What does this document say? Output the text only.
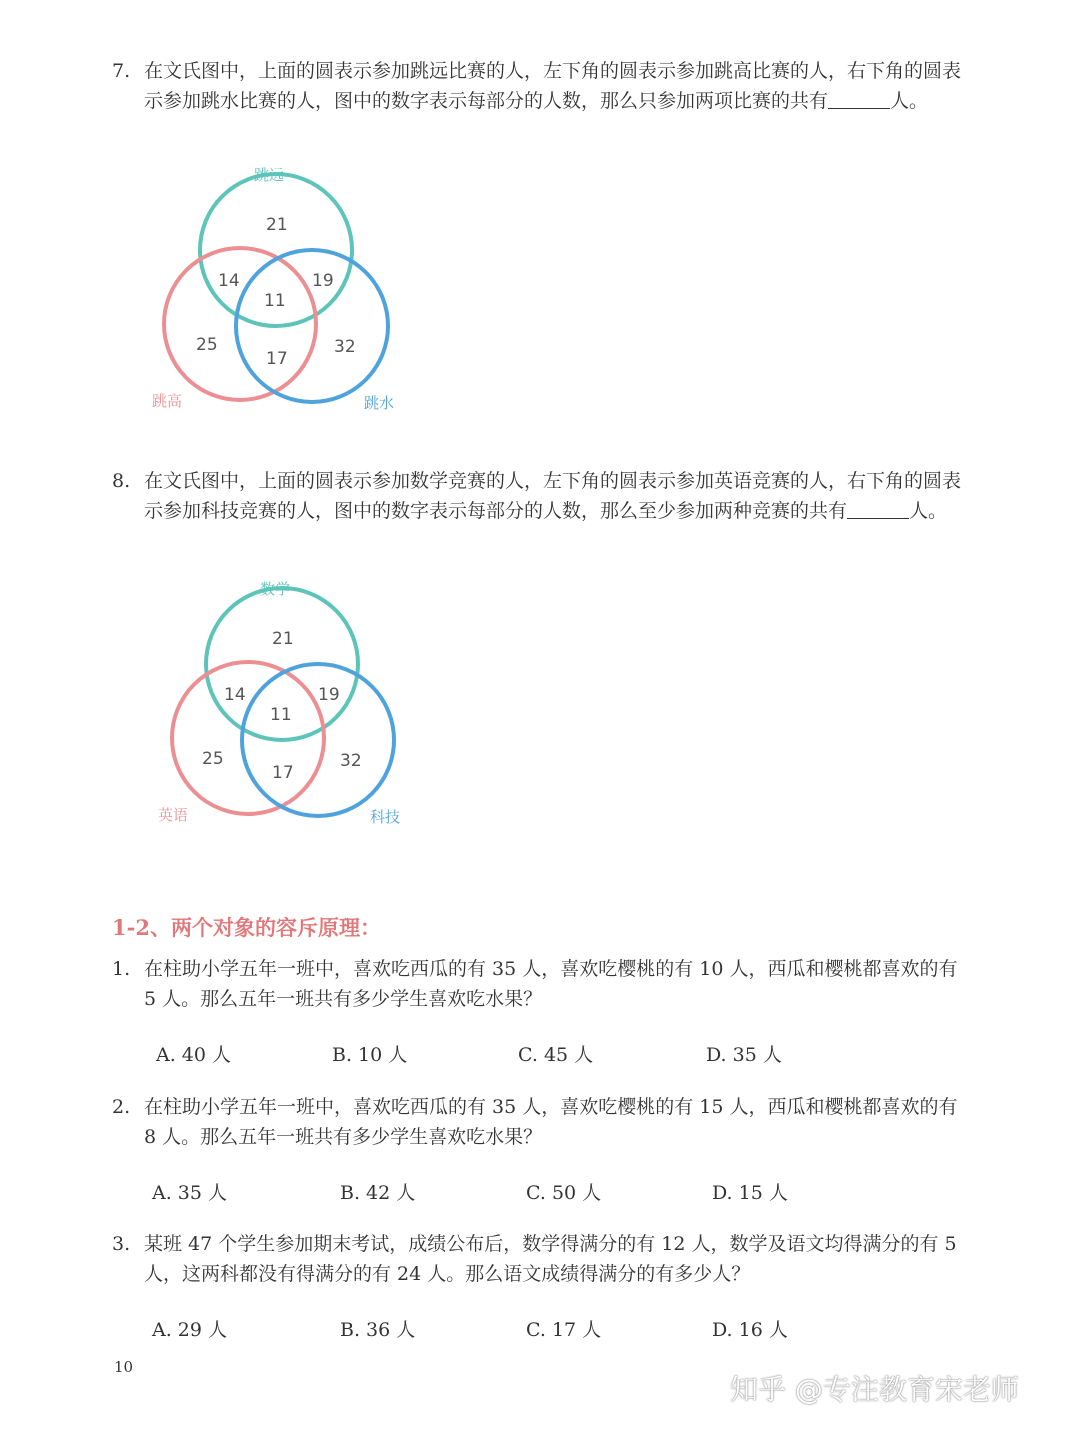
7. 在文氏图中，上面的圆表示参加跳远比赛的人，左下角的圆表示参加跳高比赛的人，右下角的圆表示参加跳水比赛的人，图中的数字表示每部分的人数，那么只参加两项比赛的共有	人。
跳远
跳高	跳水
21
14	19
11
25
17
32
8. 在文氏图中，上面的圆表示参加数学竞赛的人，左下角的圆表示参加英语竞赛的人，右下角的圆表示参加科技竞赛的人，图中的数字表示每部分的人数，那么至少参加两种竞赛的共有	人。
数学
英语	科技
21
14	19
11
25
17
32
1-2、两个对象的容斥原理：
1. 在柱助小学五年一班中，喜欢吃西瓜的有 35 人，喜欢吃樱桃的有 10 人，西瓜和樱桃都喜欢的有 5 人。那么五年一班共有多少学生喜欢吃水果？
A. 40 人	B. 10 人	C. 45 人	D. 35 人
2. 在柱助小学五年一班中，喜欢吃西瓜的有 35 人，喜欢吃樱桃的有 15 人，西瓜和樱桃都喜欢的有 8 人。那么五年一班共有多少学生喜欢吃水果？
A. 35 人	B. 42 人	C. 50 人	D. 15 人
3. 某班 47 个学生参加期末考试，成绩公布后，数学得满分的有 12 人，数学及语文均得满分的有 5 人，这两科都没有得满分的有 24 人。那么语文成绩得满分的有多少人？
A. 29 人	B. 36 人	C. 17 人	D. 16 人
10
知乎 @专注教育宋老师
